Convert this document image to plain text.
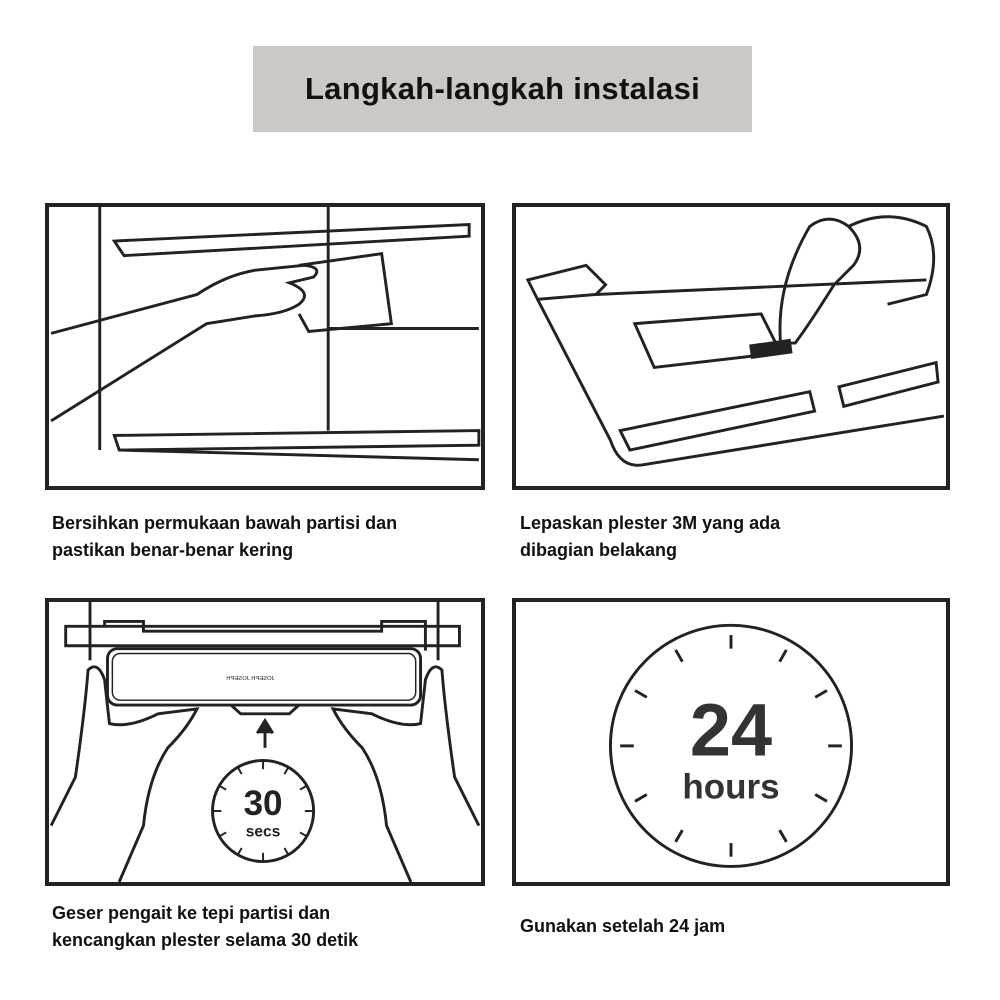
Langkah-langkah instalasi
Bersihkan permukaan bawah partisi dan
pastikan benar-benar kering
Lepaskan plester 3M yang ada
dibagian belakang
30
secs
JOSEPH JOSEPH
Geser pengait ke tepi partisi dan
kencangkan plester selama 30 detik
24
hours
Gunakan setelah 24 jam
